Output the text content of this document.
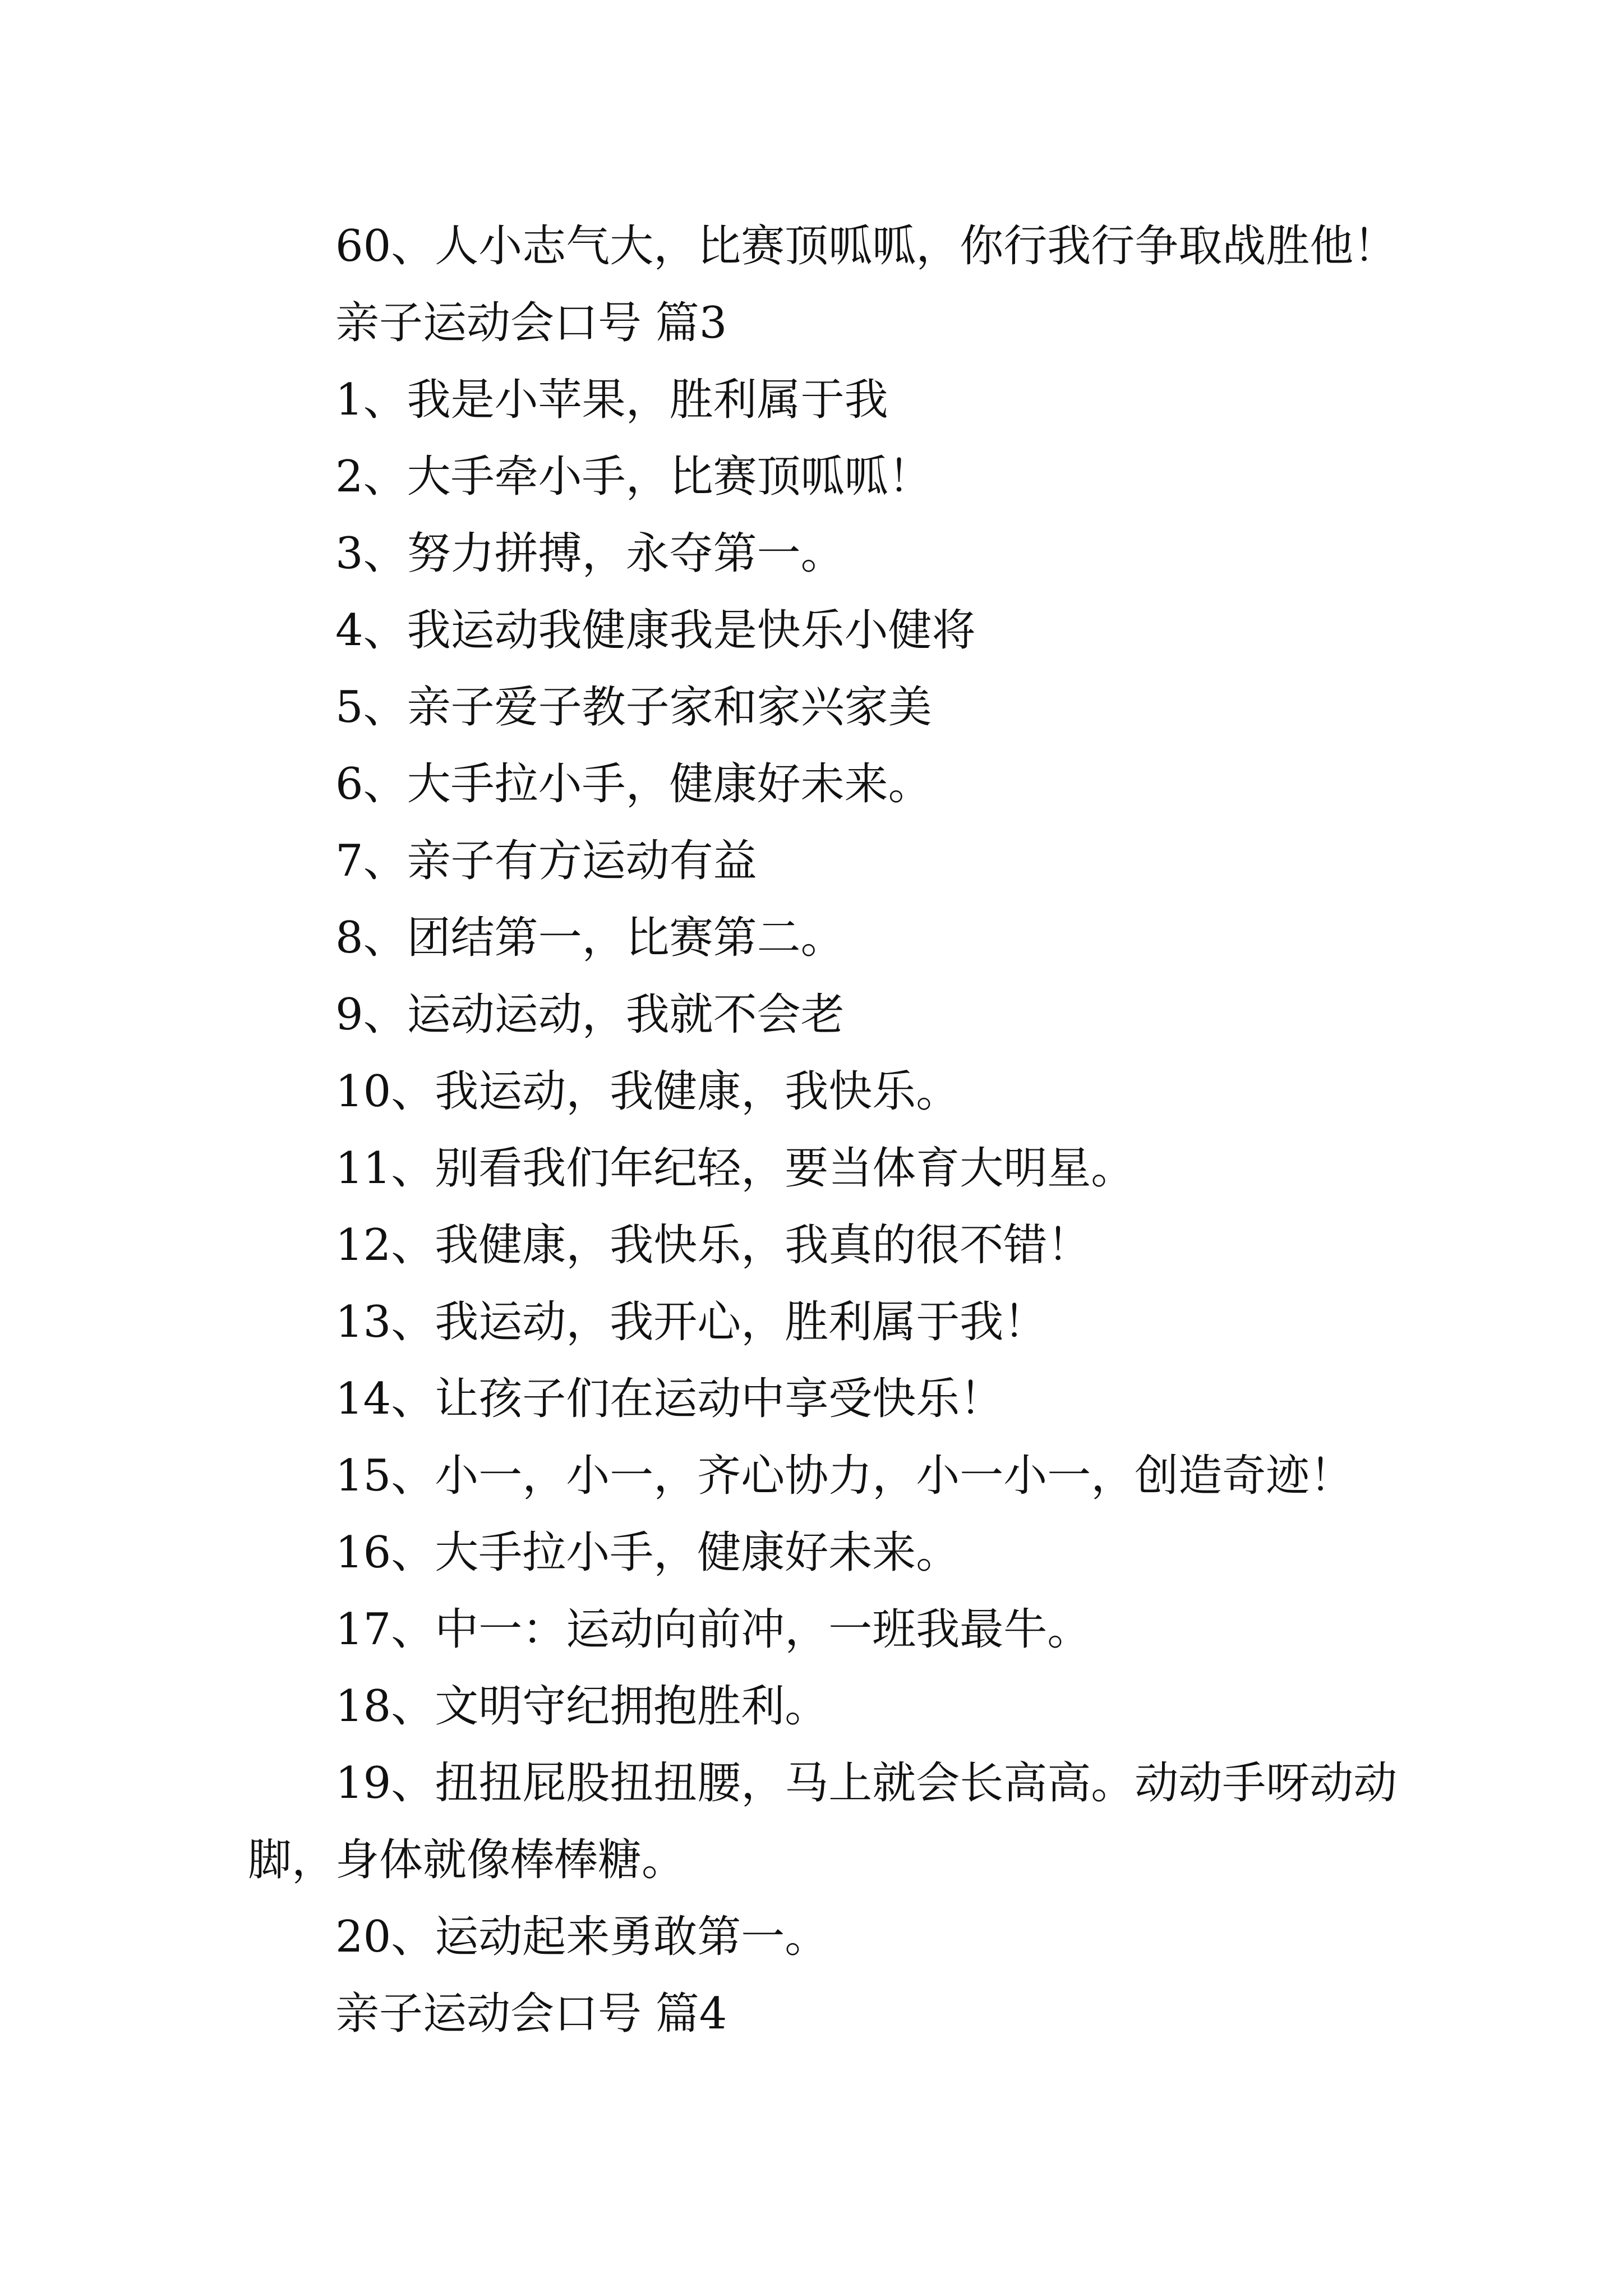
60、人小志气大，比赛顶呱呱，你行我行争取战胜他！
亲子运动会口号 篇3
1、我是小苹果，胜利属于我
2、大手牵小手，比赛顶呱呱！
3、努力拼搏，永夺第一。
4、我运动我健康我是快乐小健将
5、亲子爱子教子家和家兴家美
6、大手拉小手，健康好未来。
7、亲子有方运动有益
8、团结第一，比赛第二。
9、运动运动，我就不会老
10、我运动，我健康，我快乐。
11、别看我们年纪轻，要当体育大明星。
12、我健康，我快乐，我真的很不错！
13、我运动，我开心，胜利属于我！
14、让孩子们在运动中享受快乐！
15、小一，小一，齐心协力，小一小一，创造奇迹！
16、大手拉小手，健康好未来。
17、中一：运动向前冲，一班我最牛。
18、文明守纪拥抱胜利。
19、扭扭屁股扭扭腰，马上就会长高高。动动手呀动动
脚，身体就像棒棒糖。
20、运动起来勇敢第一。
亲子运动会口号 篇4
